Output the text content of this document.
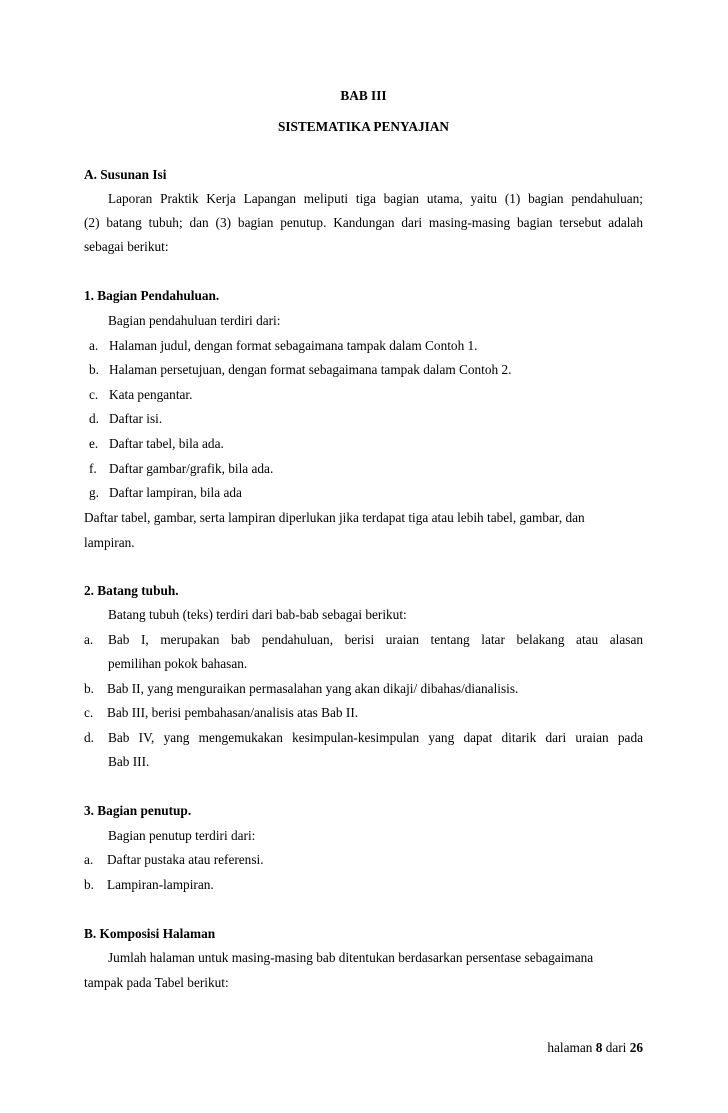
BAB III
SISTEMATIKA PENYAJIAN
A. Susunan Isi
Laporan Praktik Kerja Lapangan meliputi tiga bagian utama, yaitu (1) bagian pendahuluan;
(2) batang tubuh; dan (3) bagian penutup. Kandungan dari masing-masing bagian tersebut adalah
sebagai berikut:
1. Bagian Pendahuluan.
Bagian pendahuluan terdiri dari:
a. Halaman judul, dengan format sebagaimana tampak dalam Contoh 1.
b. Halaman persetujuan, dengan format sebagaimana tampak dalam Contoh 2.
c. Kata pengantar.
d. Daftar isi.
e. Daftar tabel, bila ada.
f. Daftar gambar/grafik, bila ada.
g. Daftar lampiran, bila ada
Daftar tabel, gambar, serta lampiran diperlukan jika terdapat tiga atau lebih tabel, gambar, dan
lampiran.
2. Batang tubuh.
Batang tubuh (teks) terdiri dari bab-bab sebagai berikut:
a.	Bab I, merupakan bab pendahuluan, berisi uraian tentang latar belakang atau alasan
pemilihan pokok bahasan.
b. Bab II, yang menguraikan permasalahan yang akan dikaji/ dibahas/dianalisis.
c. Bab III, berisi pembahasan/analisis atas Bab II.
d.	Bab IV, yang mengemukakan kesimpulan-kesimpulan yang dapat ditarik dari uraian pada
Bab III.
3. Bagian penutup.
Bagian penutup terdiri dari:
a. Daftar pustaka atau referensi.
b. Lampiran-lampiran.
B. Komposisi Halaman
Jumlah halaman untuk masing-masing bab ditentukan berdasarkan persentase sebagaimana
tampak pada Tabel berikut:
halaman 8 dari 26
